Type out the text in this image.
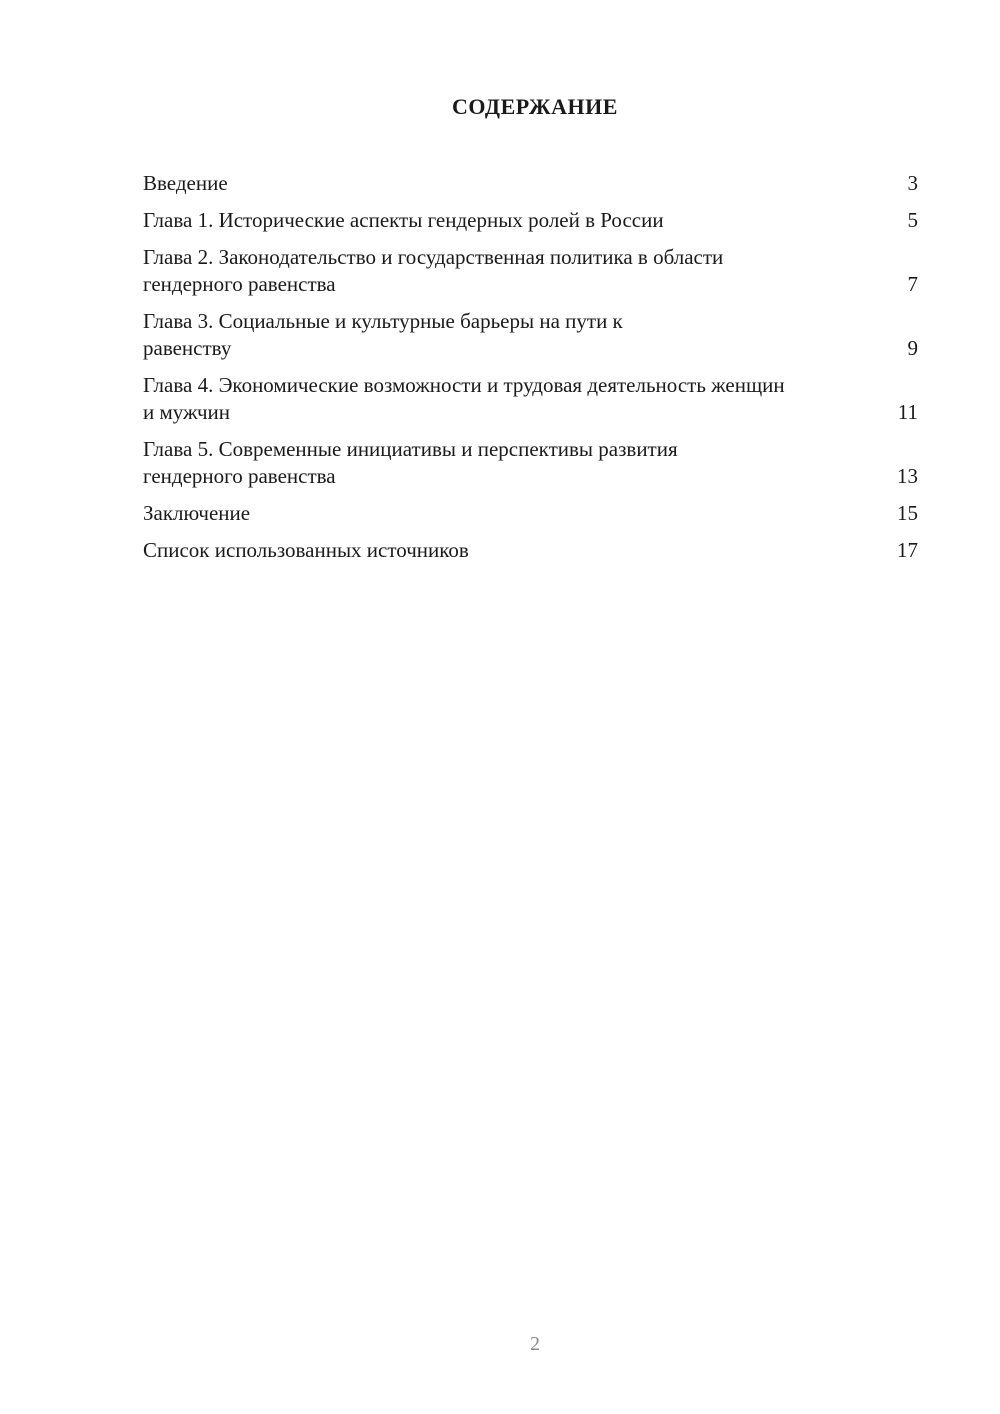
СОДЕРЖАНИЕ
Введение	3
Глава 1. Исторические аспекты гендерных ролей в России	5
Глава 2. Законодательство и государственная политика в области гендерного равенства	7
Глава 3. Социальные и культурные барьеры на пути к равенству	9
Глава 4. Экономические возможности и трудовая деятельность женщин и мужчин	11
Глава 5. Современные инициативы и перспективы развития гендерного равенства	13
Заключение	15
Список использованных источников	17
2
